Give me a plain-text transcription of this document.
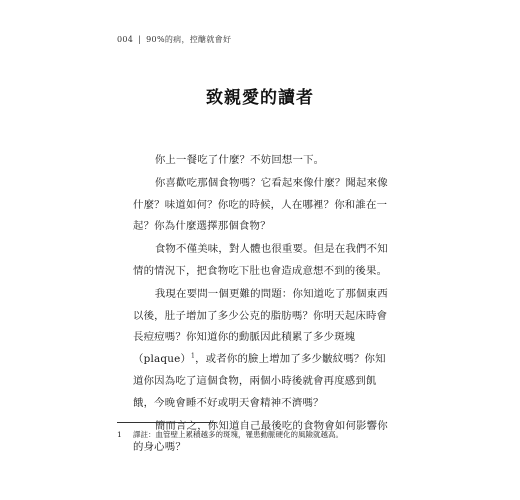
004 | 90%的病，控醣就會好
致親愛的讀者

你上一餐吃了什麼？不妨回想一下。

你喜歡吃那個食物嗎？它看起來像什麼？聞起來像什麼？味道如何？你吃的時候，人在哪裡？你和誰在一起？你為什麼選擇那個食物？

食物不僅美味，對人體也很重要。但是在我們不知情的情況下，把食物吃下肚也會造成意想不到的後果。

我現在要問一個更難的問題：你知道吃了那個東西以後，肚子增加了多少公克的脂肪嗎？你明天起床時會長痘痘嗎？你知道你的動脈因此積累了多少斑塊（plaque）$^1$，或者你的臉上增加了多少皺紋嗎？你知道你因為吃了這個食物，兩個小時後就會再度感到飢餓，今晚會睡不好或明天會精神不濟嗎？

簡而言之，你知道自己最後吃的食物會如何影響你的身心嗎？

1 譯註：血管壁上累積越多的斑塊，罹患動脈硬化的風險就越高。
